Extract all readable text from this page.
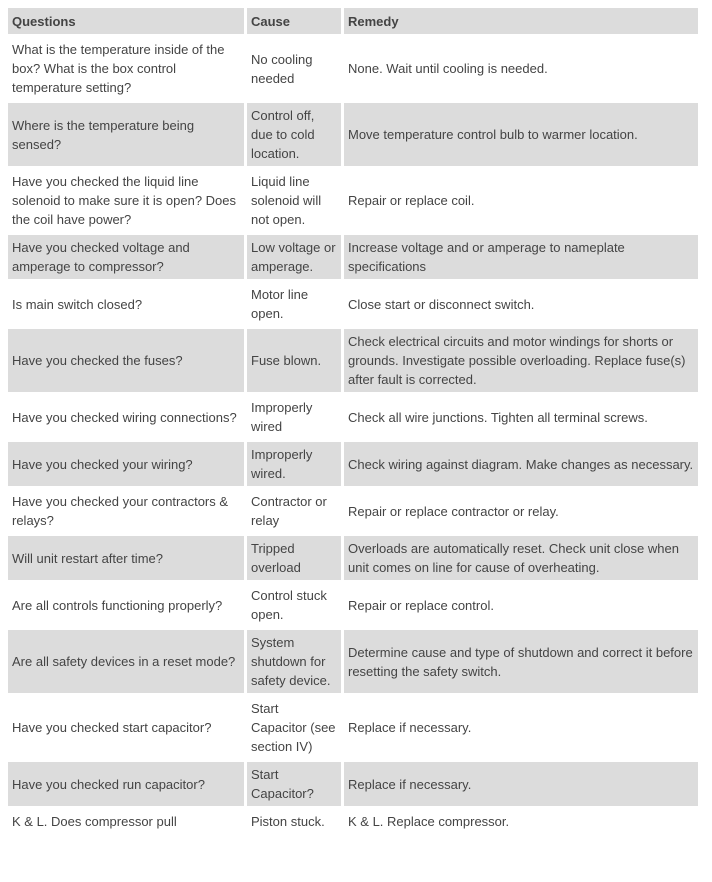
Questions	Cause	Remedy
What is the temperature inside of the box? What is the box control temperature setting?	No cooling needed	None. Wait until cooling is needed.
Where is the temperature being sensed?	Control off, due to cold location.	Move temperature control bulb to warmer location.
Have you checked the liquid line solenoid to make sure it is open? Does the coil have power?	Liquid line solenoid will not open.	Repair or replace coil.
Have you checked voltage and amperage to compressor?	Low voltage or amperage.	Increase voltage and or amperage to nameplate specifications
Is main switch closed?	Motor line open.	Close start or disconnect switch.
Have you checked the fuses?	Fuse blown.	Check electrical circuits and motor windings for shorts or grounds. Investigate possible overloading. Replace fuse(s) after fault is corrected.
Have you checked wiring connections?	Improperly wired	Check all wire junctions. Tighten all terminal screws.
Have you checked your wiring?	Improperly wired.	Check wiring against diagram. Make changes as necessary.
Have you checked your contractors & relays?	Contractor or relay	Repair or replace contractor or relay.
Will unit restart after time?	Tripped overload	Overloads are automatically reset. Check unit close when unit comes on line for cause of overheating.
Are all controls functioning properly?	Control stuck open.	Repair or replace control.
Are all safety devices in a reset mode?	System shutdown for safety device.	Determine cause and type of shutdown and correct it before resetting the safety switch.
Have you checked start capacitor?	Start Capacitor (see section IV)	Replace if necessary.
Have you checked run capacitor?	Start Capacitor?	Replace if necessary.
K & L. Does compressor pull	Piston stuck.	K & L. Replace compressor.
